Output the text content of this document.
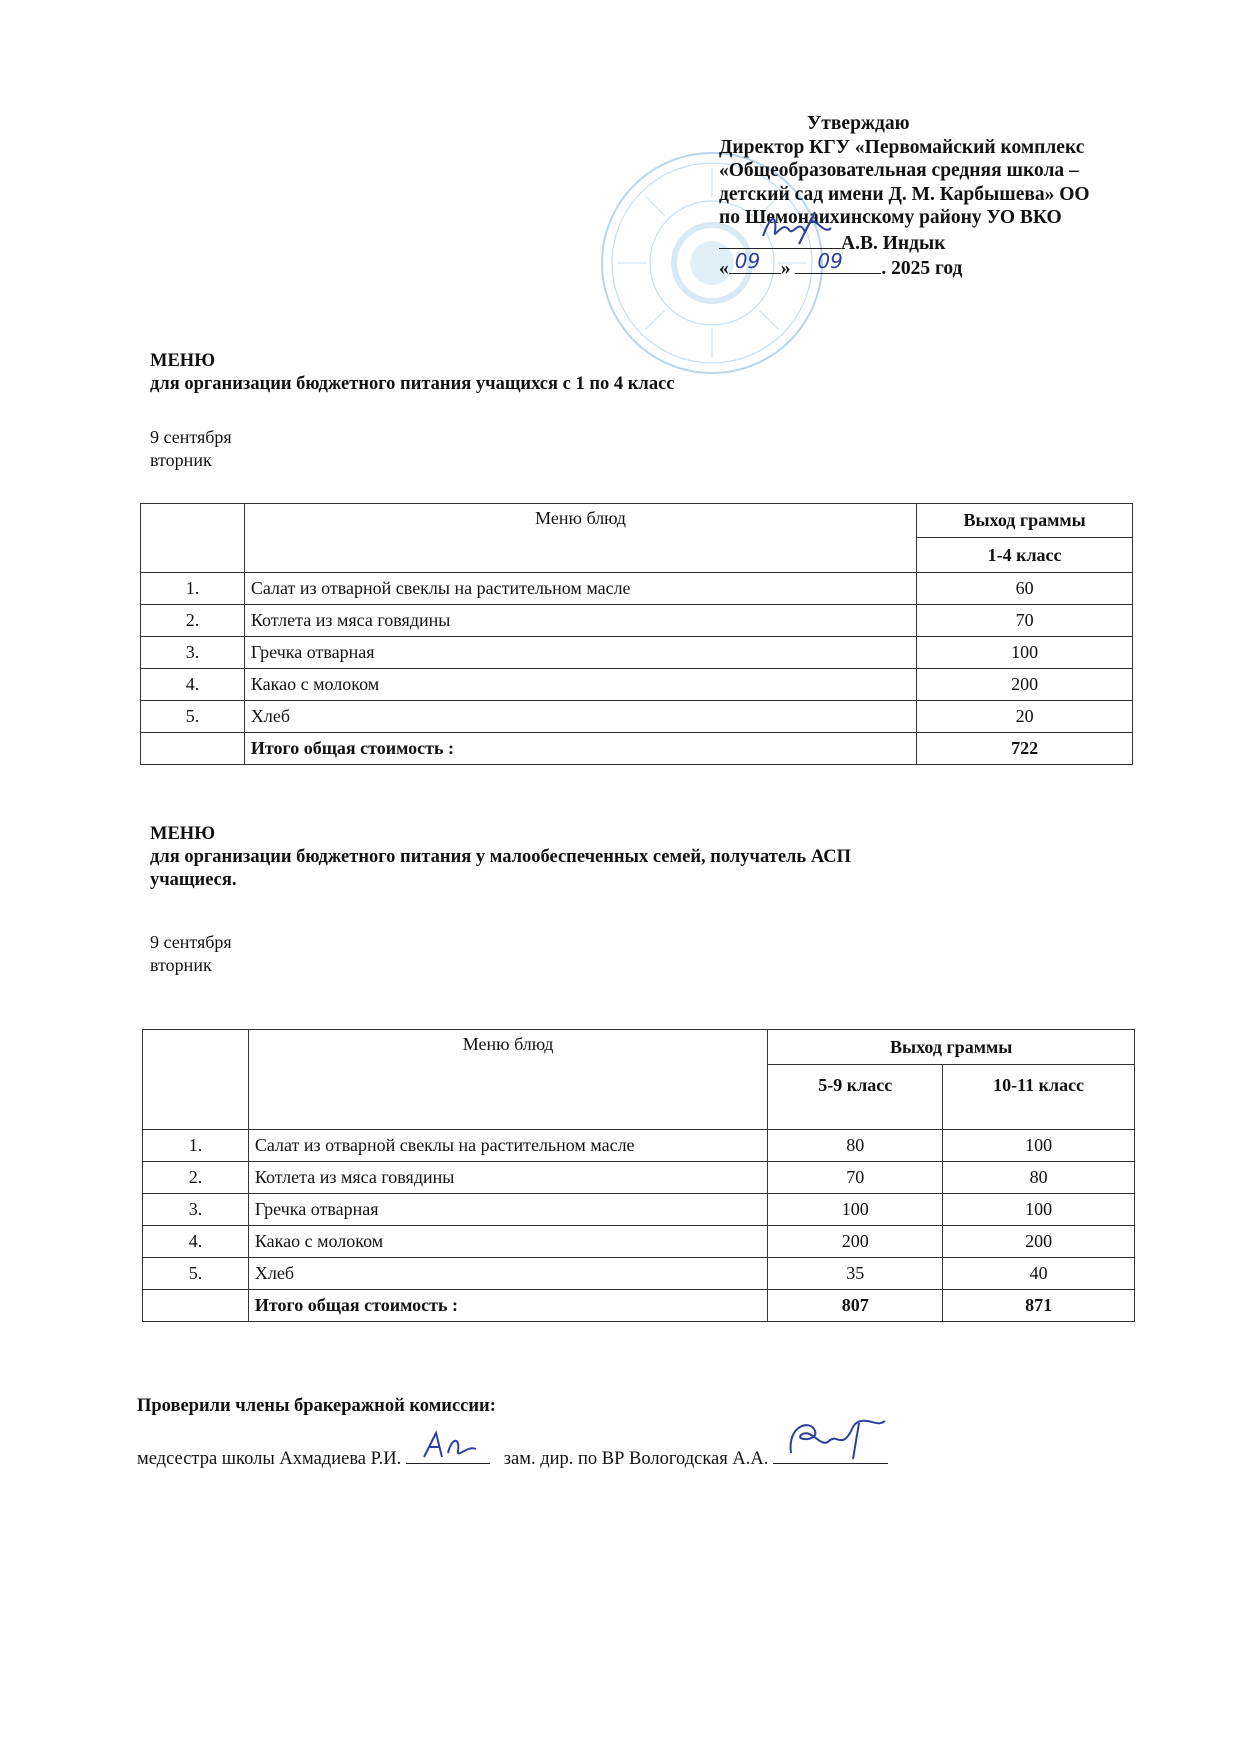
Утверждаю
Директор КГУ «Первомайский комплекс
«Общеобразовательная средняя школа –
детский сад имени Д. М. Карбышева» ОО
по Шемонаихинскому району УО ВКО
А.В. Индык
« 09 » 09 . 2025 год
МЕНЮ
для организации бюджетного питания учащихся с 1 по 4 класс
9 сентября
вторник
	Меню блюд	Выход граммы
		1-4 класс
1.	Салат из отварной свеклы на растительном масле	60
2.	Котлета из мяса говядины	70
3.	Гречка отварная	100
4.	Какао с молоком	200
5.	Хлеб	20
	Итого общая стоимость :	722
МЕНЮ
для организации бюджетного питания у малообеспеченных семей, получатель АСП
учащиеся.
9 сентября
вторник
	Меню блюд	Выход граммы	
		5-9 класс	10-11 класс
1.	Салат из отварной свеклы на растительном масле	80	100
2.	Котлета из мяса говядины	70	80
3.	Гречка отварная	100	100
4.	Какао с молоком	200	200
5.	Хлеб	35	40
	Итого общая стоимость :	807	871
Проверили члены бракеражной комиссии:
медсестра школы Ахмадиева Р.И.	зам. дир. по ВР Вологодская А.А.
